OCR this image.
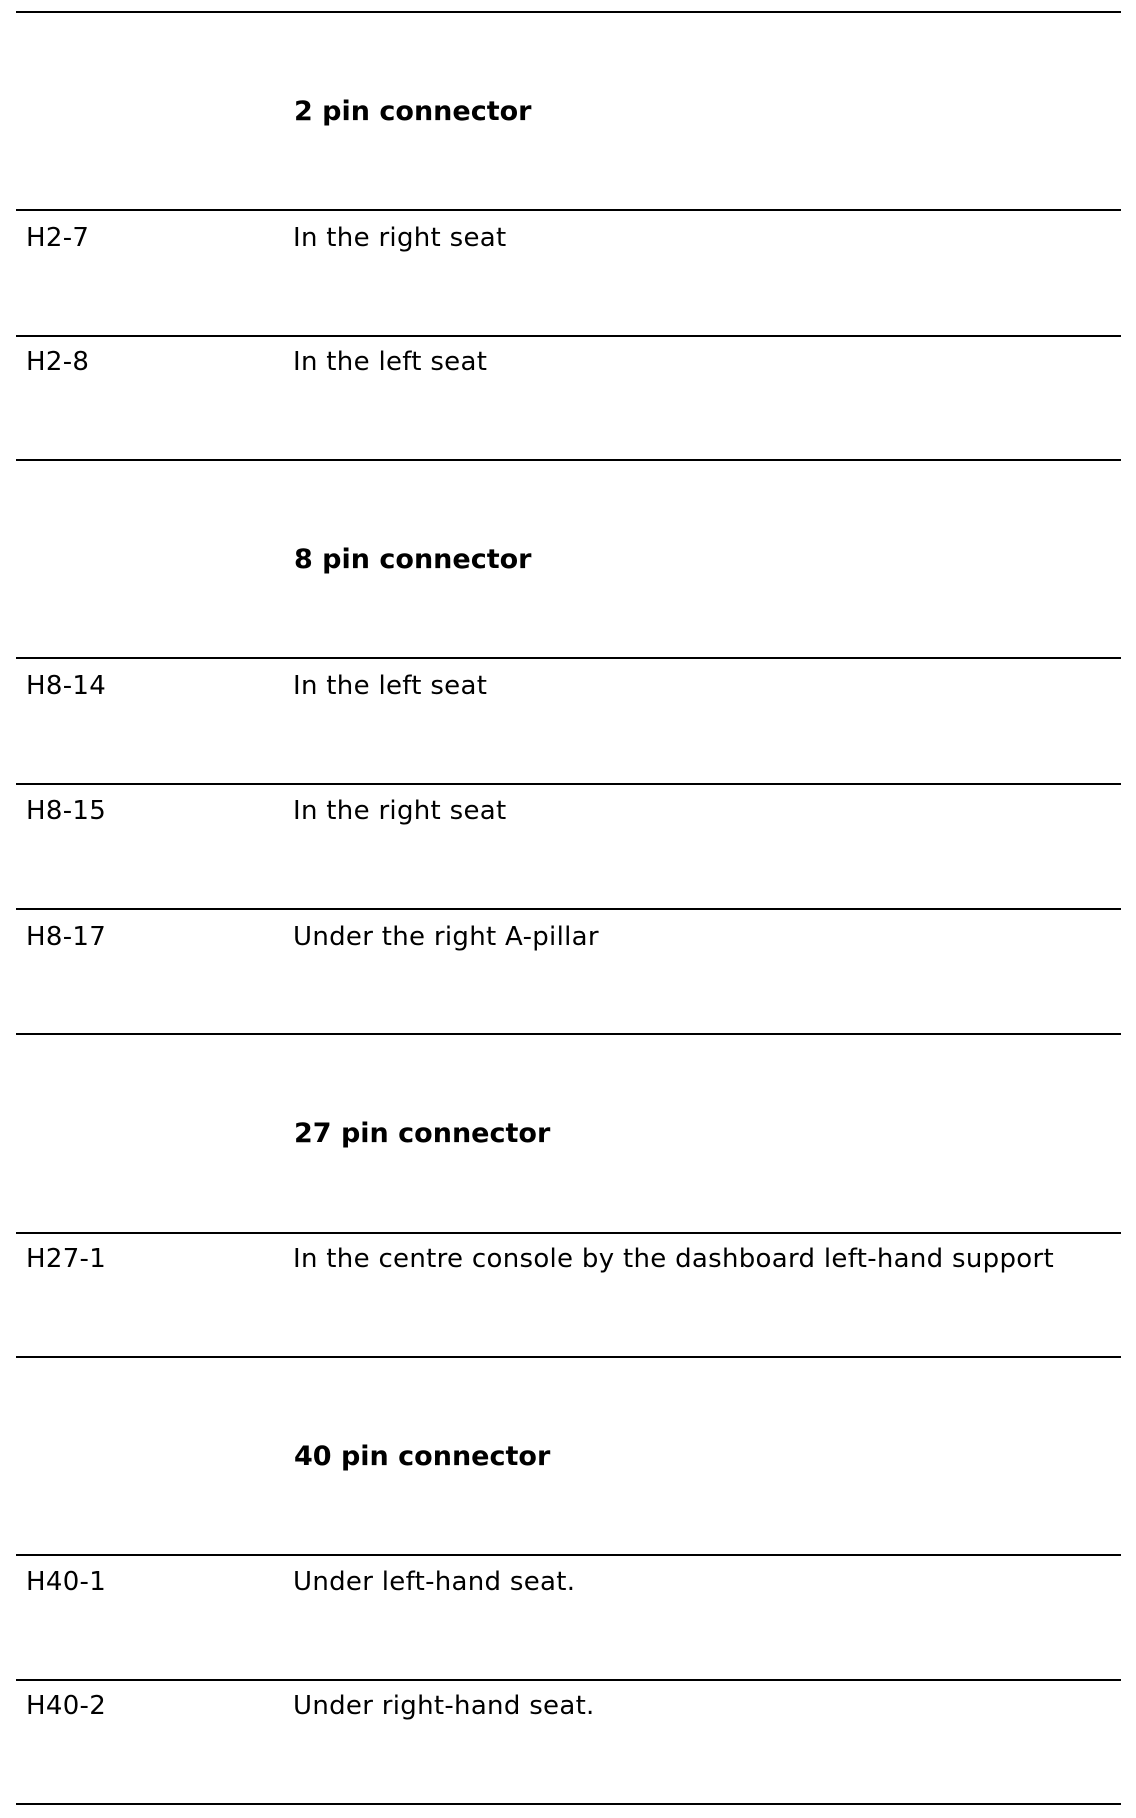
2 pin connector
H2-7	In the right seat
H2-8	In the left seat
8 pin connector
H8-14	In the left seat
H8-15	In the right seat
H8-17	Under the right A-pillar
27 pin connector
H27-1	In the centre console by the dashboard left-hand support
40 pin connector
H40-1	Under left-hand seat.
H40-2	Under right-hand seat.
